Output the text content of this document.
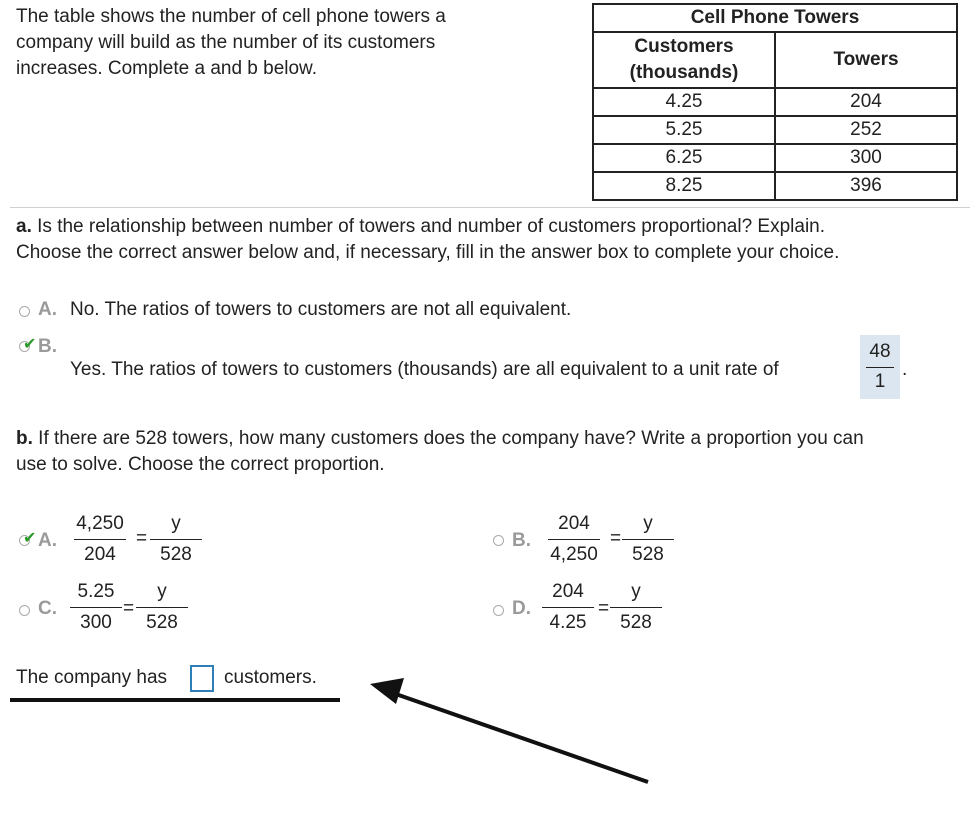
The table shows the number of cell phone towers a
company will build as the number of its customers
increases. Complete a and b below.
Cell Phone Towers	

Customers
(thousands)	Towers
4.25	204
5.25	252
6.25	300
8.25	396
a. Is the relationship between number of towers and number of customers proportional? Explain.
Choose the correct answer below and, if necessary, fill in the answer box to complete your choice.
A. No. The ratios of towers to customers are not all equivalent.
✔ B.
Yes. The ratios of towers to customers (thousands) are all equivalent to a unit rate of
48
1
.
b. If there are 528 towers, how many customers does the company have? Write a proportion you can
use to solve. Choose the correct proportion.
✔ A.
4,250
204
=
y
528
B.
204
4,250
=
y
528
C.
5.25
300
=
y
528
D.
204
4.25
=
y
528
The company has	customers.
